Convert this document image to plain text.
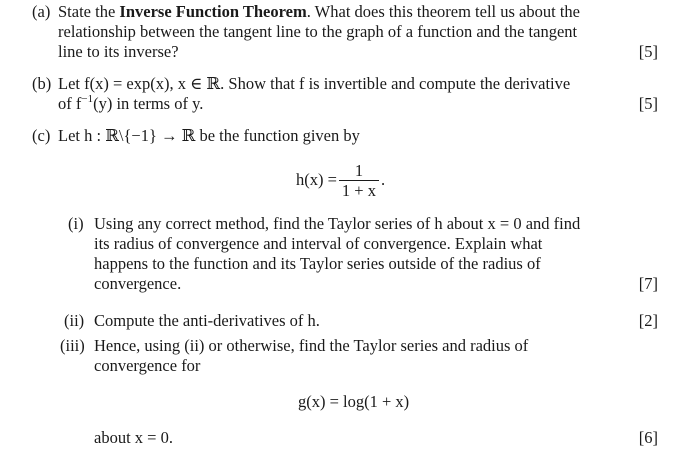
(a) State the Inverse Function Theorem. What does this theorem tell us about the
relationship between the tangent line to the graph of a function and the tangent
line to its inverse?	[5]
(b) Let f(x) = exp(x), x ∈ ℝ. Show that f is invertible and compute the derivative
of $f^{-1}(y)$ in terms of y.	[5]
(c) Let h : ℝ\{−1} → ℝ be the function given by
$h(x) = \frac{1}{1 + x}$ .
(i) Using any correct method, find the Taylor series of h about x = 0 and find
its radius of convergence and interval of convergence. Explain what
happens to the function and its Taylor series outside of the radius of
convergence.	[7]
(ii) Compute the anti-derivatives of h.	[2]
(iii) Hence, using (ii) or otherwise, find the Taylor series and radius of
convergence for
g(x) = log(1 + x)
about x = 0.	[6]
